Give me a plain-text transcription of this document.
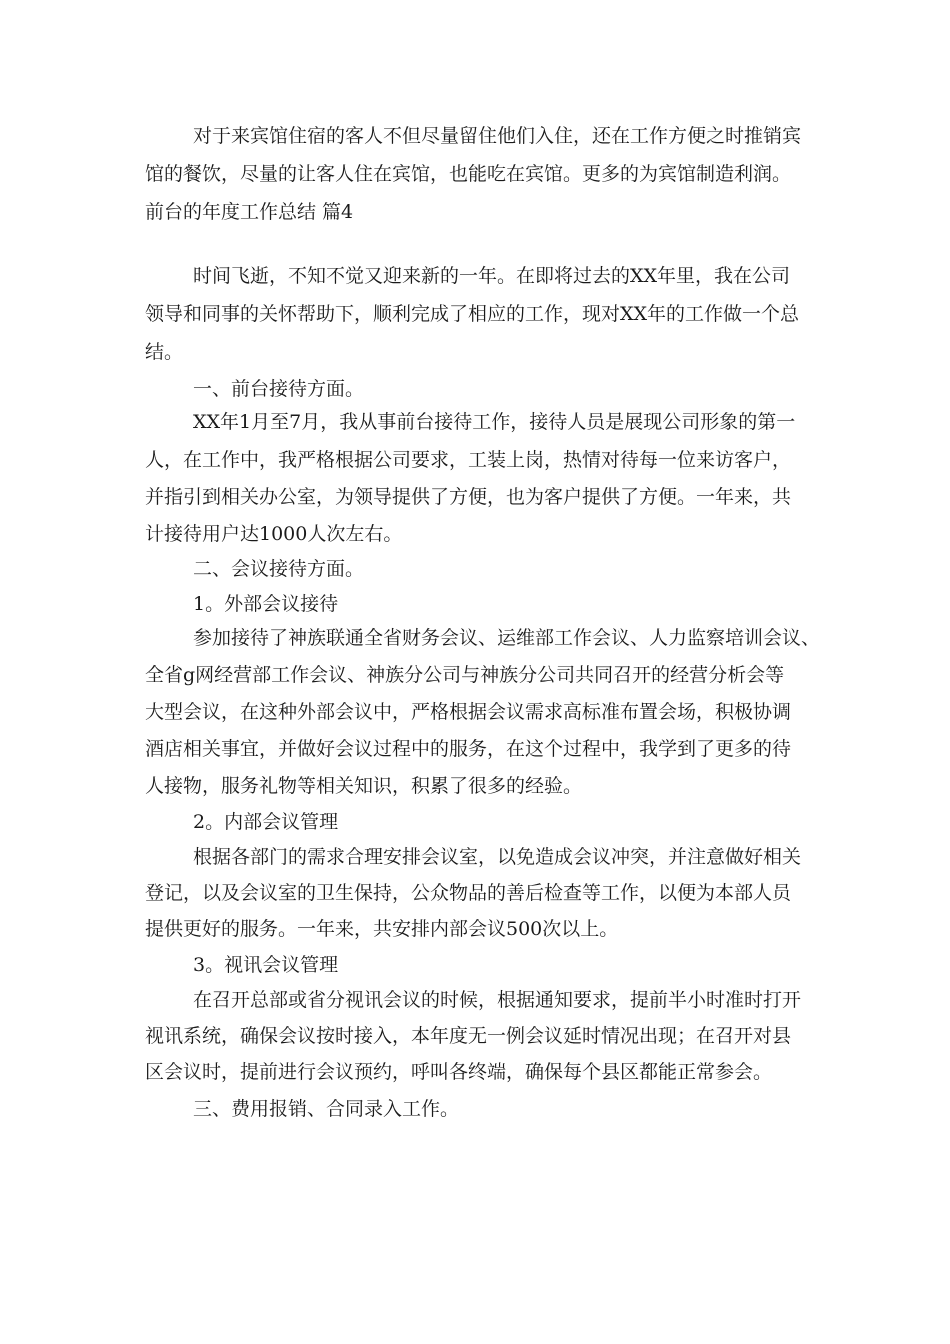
对于来宾馆住宿的客人不但尽量留住他们入住，还在工作方便之时推销宾
馆的餐饮，尽量的让客人住在宾馆，也能吃在宾馆。更多的为宾馆制造利润。
前台的年度工作总结 篇4
时间飞逝，不知不觉又迎来新的一年。在即将过去的XX年里，我在公司
领导和同事的关怀帮助下，顺利完成了相应的工作，现对XX年的工作做一个总
结。
一、前台接待方面。
XX年1月至7月，我从事前台接待工作，接待人员是展现公司形象的第一
人，在工作中，我严格根据公司要求，工装上岗，热情对待每一位来访客户，
并指引到相关办公室，为领导提供了方便，也为客户提供了方便。一年来，共
计接待用户达1000人次左右。
二、会议接待方面。
1。外部会议接待
参加接待了神族联通全省财务会议、运维部工作会议、人力监察培训会议、
全省g网经营部工作会议、神族分公司与神族分公司共同召开的经营分析会等
大型会议，在这种外部会议中，严格根据会议需求高标准布置会场，积极协调
酒店相关事宜，并做好会议过程中的服务，在这个过程中，我学到了更多的待
人接物，服务礼物等相关知识，积累了很多的经验。
2。内部会议管理
根据各部门的需求合理安排会议室，以免造成会议冲突，并注意做好相关
登记，以及会议室的卫生保持，公众物品的善后检查等工作，以便为本部人员
提供更好的服务。一年来，共安排内部会议500次以上。
3。视讯会议管理
在召开总部或省分视讯会议的时候，根据通知要求，提前半小时准时打开
视讯系统，确保会议按时接入，本年度无一例会议延时情况出现；在召开对县
区会议时，提前进行会议预约，呼叫各终端，确保每个县区都能正常参会。
三、费用报销、合同录入工作。
